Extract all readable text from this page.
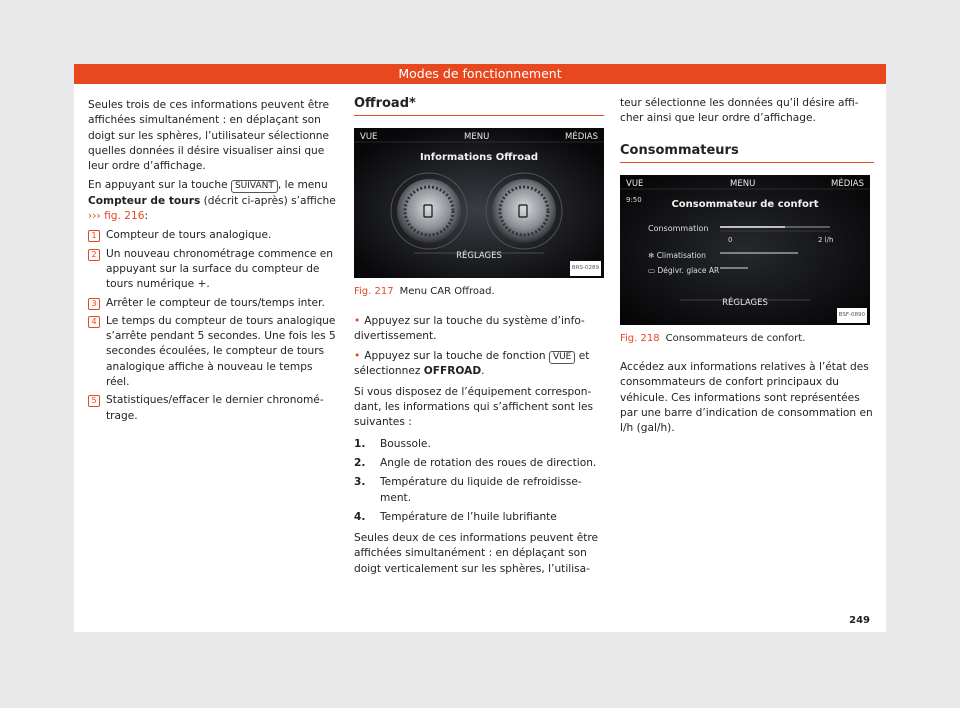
Modes de fonctionnement
Seules trois de ces informations peuvent être affichées simultanément : en déplaçant son doigt sur les sphères, l’utilisateur sélectionne quelles données il désire visualiser ainsi que leur ordre d’affichage.
En appuyant sur la touche SUIVANT , le menu Compteur de tours (décrit ci-après) s’affiche ››› fig. 216:
1 Compteur de tours analogique.
2 Un nouveau chronométrage commence en appuyant sur la surface du compteur de tours numérique +.
3 Arrêter le compteur de tours/temps inter.
4 Le temps du compteur de tours analogique s’arrête pendant 5 secondes. Une fois les 5 secondes écoulées, le compteur de tours analogique affiche à nouveau le temps réel.
5 Statistiques/effacer le dernier chronométrage.
Offroad*
VUE	MENU	MÉDIAS
Informations Offroad
RÉGLAGES
BRS-0289
Fig. 217 Menu CAR Offroad.
• Appuyez sur la touche du système d’infodivertissement.
• Appuyez sur la touche de fonction VUE et sélectionnez OFFROAD.
Si vous disposez de l’équipement correspondant, les informations qui s’affichent sont les suivantes :
1. Boussole.
2. Angle de rotation des roues de direction.
3. Température du liquide de refroidissement.
4. Température de l’huile lubrifiante
Seules deux de ces informations peuvent être affichées simultanément : en déplaçant son doigt verticalement sur les sphères, l’utilisa-
teur sélectionne les données qu’il désire afficher ainsi que leur ordre d’affichage.
Consommateurs
VUE	MENU	MÉDIAS
9:50	Consommateur de confort
Consommation
0	2 l/h
❄ Climatisation
▭ Dégivr. glace AR
RÉGLAGES
BSF-0890
Fig. 218 Consommateurs de confort.
Accédez aux informations relatives à l’état des consommateurs de confort principaux du véhicule. Ces informations sont représentées par une barre d’indication de consommation en l/h (gal/h).
249
